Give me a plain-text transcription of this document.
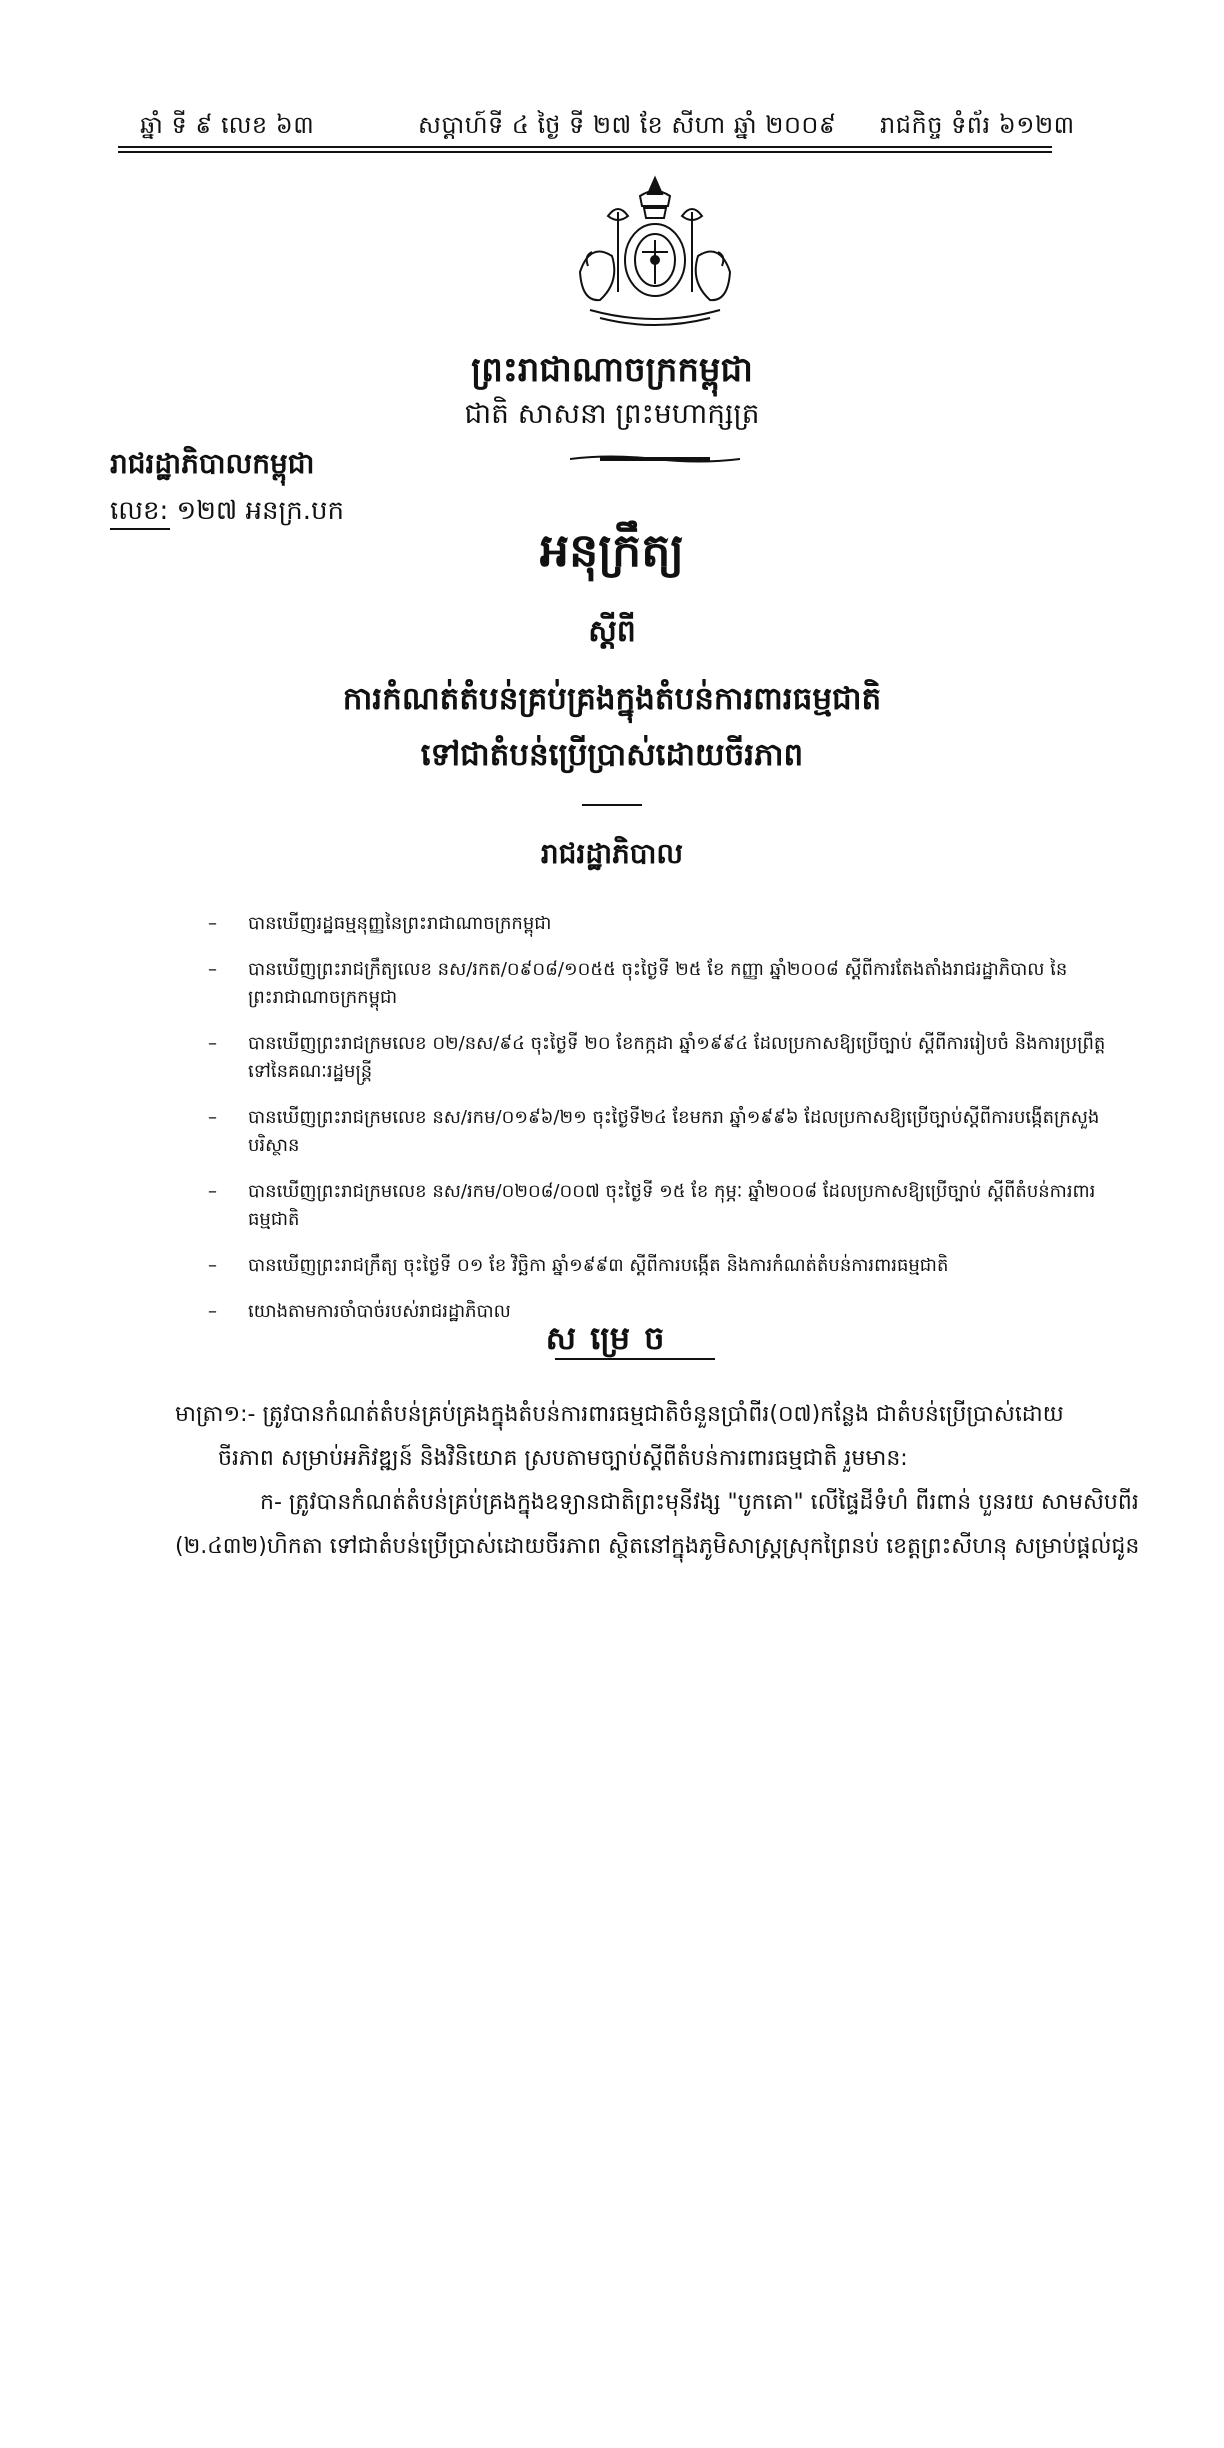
ឆ្នាំ ទី ៩ លេខ ៦៣	សប្តាហ៍ទី ៤ ថ្ងៃ ទី ២៧ ខែ សីហា ឆ្នាំ ២០០៩ រាជកិច្ច ទំព័រ ៦១២៣
ព្រះរាជាណាចក្រកម្ពុជា
ជាតិ សាសនា ព្រះមហាក្សត្រ
រាជរដ្ឋាភិបាលកម្ពុជា
លេខ: ១២៧ អនក្រ.បក
អនុក្រឹត្យ
ស្តីពី
ការកំណត់តំបន់គ្រប់គ្រងក្នុងតំបន់ការពារធម្មជាតិ
ទៅជាតំបន់ប្រើប្រាស់ដោយចីរភាព
រាជរដ្ឋាភិបាល
– បានឃើញរដ្ឋធម្មនុញ្ញនៃព្រះរាជាណាចក្រកម្ពុជា
– បានឃើញព្រះរាជក្រឹត្យលេខ នស/រកត/០៩០៨/១០៥៥ ចុះថ្ងៃទី ២៥ ខែ កញ្ញា ឆ្នាំ២០០៨ ស្តីពីការតែងតាំងរាជរដ្ឋាភិបាល នៃព្រះរាជាណាចក្រកម្ពុជា
– បានឃើញព្រះរាជក្រមលេខ ០២/នស/៩៤ ចុះថ្ងៃទី ២០ ខែកក្កដា ឆ្នាំ១៩៩៤ ដែលប្រកាសឱ្យប្រើច្បាប់ ស្តីពីការរៀបចំ និងការប្រព្រឹត្តទៅនៃគណៈរដ្ឋមន្ត្រី
– បានឃើញព្រះរាជក្រមលេខ នស/រកម/០១៩៦/២១ ចុះថ្ងៃទី២៤ ខែមករា ឆ្នាំ១៩៩៦ ដែលប្រកាសឱ្យប្រើច្បាប់ស្តីពីការបង្កើតក្រសួងបរិស្ថាន
– បានឃើញព្រះរាជក្រមលេខ នស/រកម/០២០៨/០០៧ ចុះថ្ងៃទី ១៥ ខែ កុម្ភៈ ឆ្នាំ២០០៨ ដែលប្រកាសឱ្យប្រើច្បាប់ ស្តីពីតំបន់ការពារធម្មជាតិ
– បានឃើញព្រះរាជក្រឹត្យ ចុះថ្ងៃទី ០១ ខែ វិច្ឆិកា ឆ្នាំ១៩៩៣ ស្តីពីការបង្កើត និងការកំណត់តំបន់ការពារធម្មជាតិ
– យោងតាមការចាំបាច់របស់រាជរដ្ឋាភិបាល
សម្រេច
មាត្រា១:- ត្រូវបានកំណត់តំបន់គ្រប់គ្រងក្នុងតំបន់ការពារធម្មជាតិចំនួនប្រាំពីរ(០៧)កន្លែង ជាតំបន់ប្រើប្រាស់ដោយ
ចីរភាព សម្រាប់អភិវឌ្ឍន៍ និងវិនិយោគ ស្របតាមច្បាប់ស្តីពីតំបន់ការពារធម្មជាតិ រួមមាន:
ក- ត្រូវបានកំណត់តំបន់គ្រប់គ្រងក្នុងឧទ្យានជាតិព្រះមុនីវង្ស "បូកគោ" លើផ្ទៃដីទំហំ ពីរពាន់ បួនរយ សាមសិបពីរ
(២.៤៣២)ហិកតា ទៅជាតំបន់ប្រើប្រាស់ដោយចីរភាព ស្ថិតនៅក្នុងភូមិសាស្ត្រស្រុកព្រៃនប់ ខេត្តព្រះសីហនុ សម្រាប់ផ្តល់ជូន
